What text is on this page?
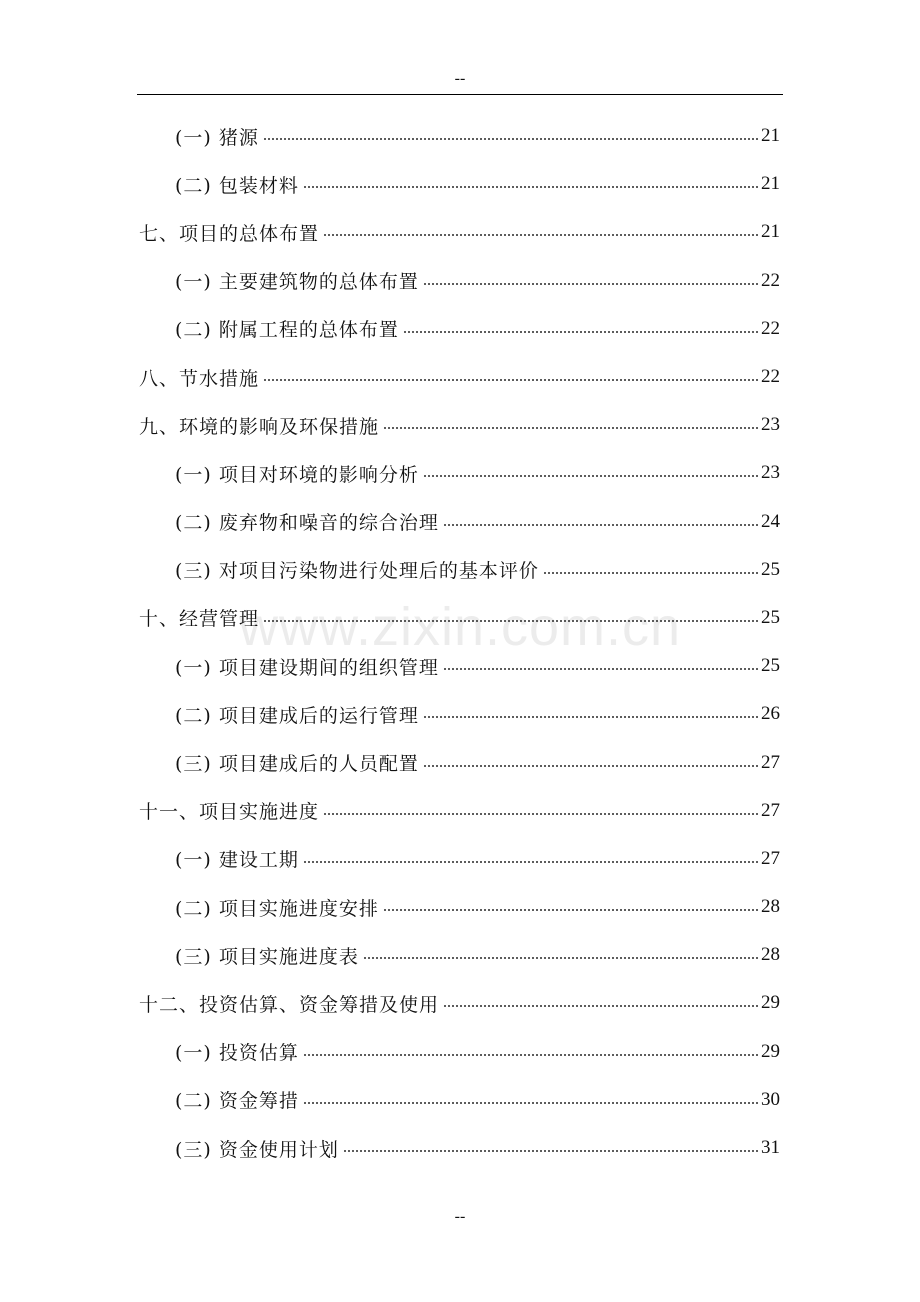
--
www.zixin.com.cn
(一) 猪源	21
(二) 包装材料	21
七、项目的总体布置	21
(一) 主要建筑物的总体布置	22
(二) 附属工程的总体布置	22
八、节水措施	22
九、环境的影响及环保措施	23
(一) 项目对环境的影响分析	23
(二) 废弃物和噪音的综合治理	24
(三) 对项目污染物进行处理后的基本评价	25
十、经营管理	25
(一) 项目建设期间的组织管理	25
(二) 项目建成后的运行管理	26
(三) 项目建成后的人员配置	27
十一、项目实施进度	27
(一) 建设工期	27
(二) 项目实施进度安排	28
(三) 项目实施进度表	28
十二、投资估算、资金筹措及使用	29
(一) 投资估算	29
(二) 资金筹措	30
(三) 资金使用计划	31
--
